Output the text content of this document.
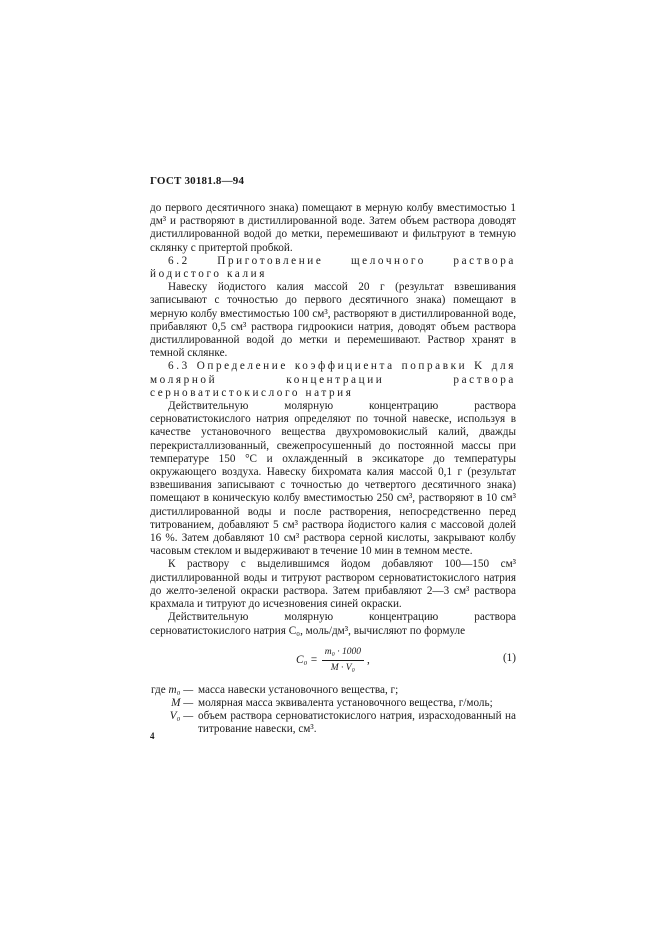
ГОСТ 30181.8—94

до первого десятичного знака) помещают в мерную колбу вместимостью 1 дм³ и растворяют в дистиллированной воде. Затем объем раствора доводят дистиллированной водой до метки, перемешивают и фильтруют в темную склянку с притертой пробкой.

6.2 Приготовление щелочного раствора йодистого калия

Навеску йодистого калия массой 20 г (результат взвешивания записывают с точностью до первого десятичного знака) помещают в мерную колбу вместимостью 100 см³, растворяют в дистиллированной воде, прибавляют 0,5 см³ раствора гидроокиси натрия, доводят объем раствора дистиллированной водой до метки и перемешивают. Раствор хранят в темной склянке.

6.3 Определение коэффициента поправки K для молярной концентрации раствора серноватистокислого натрия

Действительную молярную концентрацию раствора серноватистокислого натрия определяют по точной навеске, используя в качестве установочного вещества двухромовокислый калий, дважды перекристаллизованный, свежепросушенный до постоянной массы при температуре 150 °С и охлажденный в эксикаторе до температуры окружающего воздуха. Навеску бихромата калия массой 0,1 г (результат взвешивания записывают с точностью до четвертого десятичного знака) помещают в коническую колбу вместимостью 250 см³, растворяют в 10 см³ дистиллированной воды и после растворения, непосредственно перед титрованием, добавляют 5 см³ раствора йодистого калия с массовой долей 16 %. Затем добавляют 10 см³ раствора серной кислоты, закрывают колбу часовым стеклом и выдерживают в течение 10 мин в темном месте.

К раствору с выделившимся йодом добавляют 100—150 см³ дистиллированной воды и титруют раствором серноватистокислого натрия до желто-зеленой окраски раствора. Затем прибавляют 2—3 см³ раствора крахмала и титруют до исчезновения синей окраски.

Действительную молярную концентрацию раствора серноватистокислого натрия C₀, моль/дм³, вычисляют по формуле

$C_0 = \frac{\text{m₀ · 1000}}{\text{M · V₀}}$ ,	(1)
где m₀ — масса навески установочного вещества, г;
M — молярная масса эквивалента установочного вещества, г/моль;
V₀ — объем раствора серноватистокислого натрия, израсходованный на титрование навески, см³.
4
